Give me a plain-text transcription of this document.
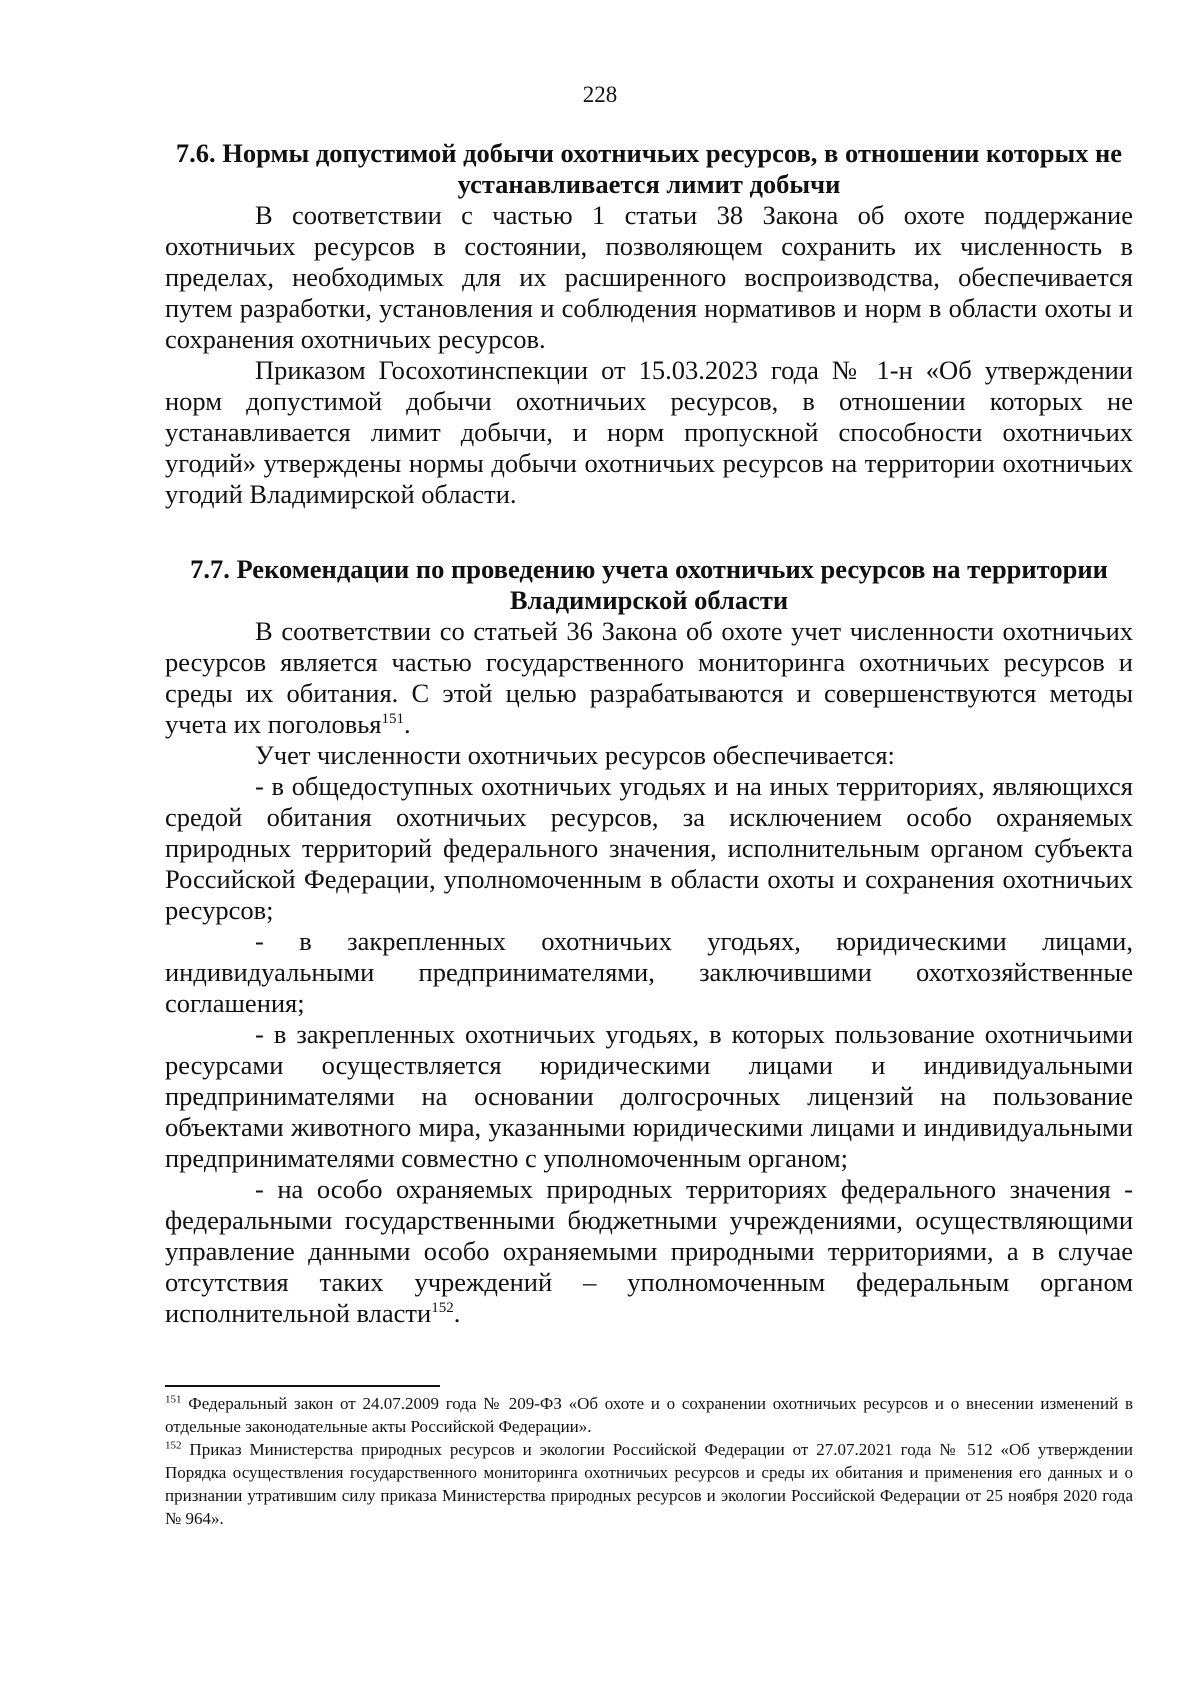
228

7.6. Нормы допустимой добычи охотничьих ресурсов, в отношении которых не устанавливается лимит добычи

В соответствии с частью 1 статьи 38 Закона об охоте поддержание охотничьих ресурсов в состоянии, позволяющем сохранить их численность в пределах, необходимых для их расширенного воспроизводства, обеспечивается путем разработки, установления и соблюдения нормативов и норм в области охоты и сохранения охотничьих ресурсов.

Приказом Госохотинспекции от 15.03.2023 года № 1-н «Об утверждении норм допустимой добычи охотничьих ресурсов, в отношении которых не устанавливается лимит добычи, и норм пропускной способности охотничьих угодий» утверждены нормы добычи охотничьих ресурсов на территории охотничьих угодий Владимирской области.

7.7. Рекомендации по проведению учета охотничьих ресурсов на территории Владимирской области

В соответствии со статьей 36 Закона об охоте учет численности охотничьих ресурсов является частью государственного мониторинга охотничьих ресурсов и среды их обитания. С этой целью разрабатываются и совершенствуются методы учета их поголовья$^{151}$.

Учет численности охотничьих ресурсов обеспечивается:

- в общедоступных охотничьих угодьях и на иных территориях, являющихся средой обитания охотничьих ресурсов, за исключением особо охраняемых природных территорий федерального значения, исполнительным органом субъекта Российской Федерации, уполномоченным в области охоты и сохранения охотничьих ресурсов;

- в закрепленных охотничьих угодьях, юридическими лицами, индивидуальными предпринимателями, заключившими охотхозяйственные соглашения;

- в закрепленных охотничьих угодьях, в которых пользование охотничьими ресурсами осуществляется юридическими лицами и индивидуальными предпринимателями на основании долгосрочных лицензий на пользование объектами животного мира, указанными юридическими лицами и индивидуальными предпринимателями совместно с уполномоченным органом;

- на особо охраняемых природных территориях федерального значения - федеральными государственными бюджетными учреждениями, осуществляющими управление данными особо охраняемыми природными территориями, а в случае отсутствия таких учреждений – уполномоченным федеральным органом исполнительной власти$^{152}$.

$^{151}$ Федеральный закон от 24.07.2009 года № 209-ФЗ «Об охоте и о сохранении охотничьих ресурсов и о внесении изменений в отдельные законодательные акты Российской Федерации».

$^{152}$ Приказ Министерства природных ресурсов и экологии Российской Федерации от 27.07.2021 года № 512 «Об утверждении Порядка осуществления государственного мониторинга охотничьих ресурсов и среды их обитания и применения его данных и о признании утратившим силу приказа Министерства природных ресурсов и экологии Российской Федерации от 25 ноября 2020 года № 964».
